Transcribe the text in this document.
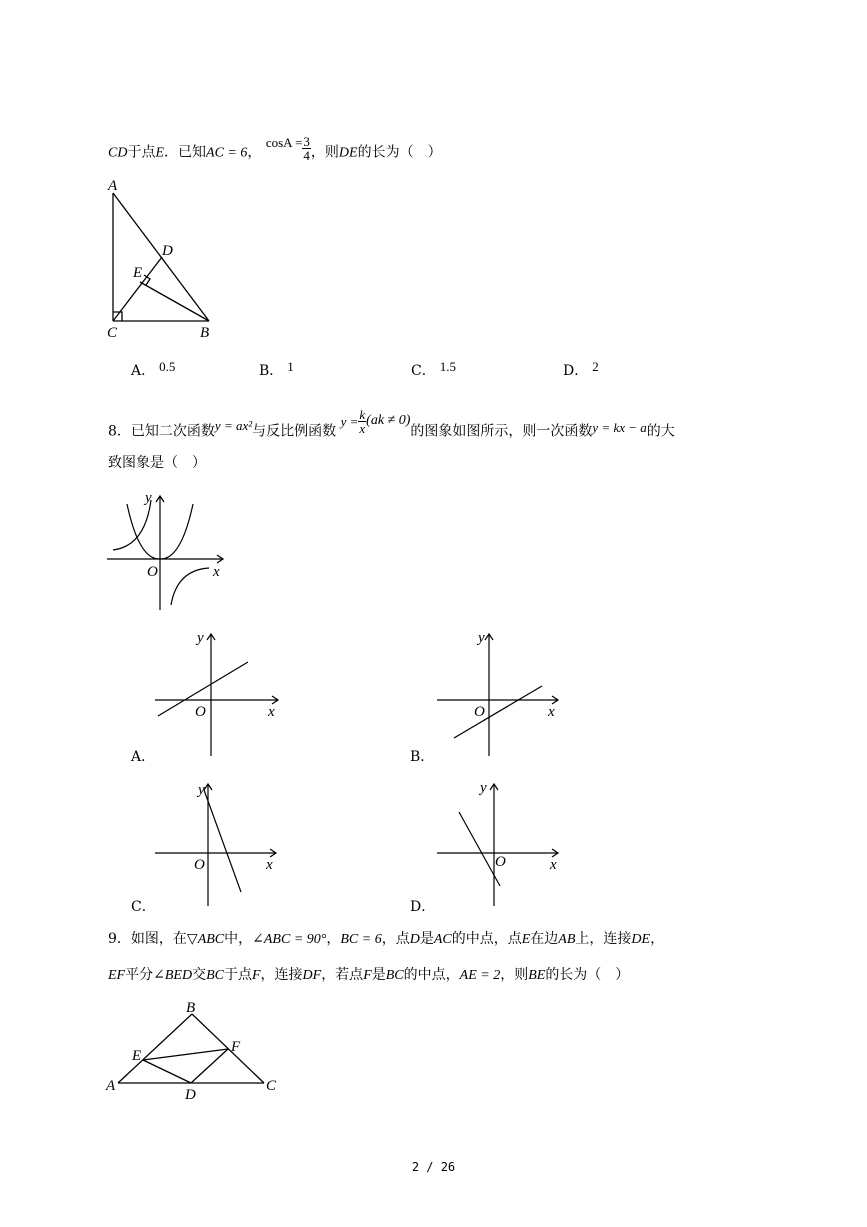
CD于点E．已知AC = 6， $\cos A = \frac{3}{4}$ ，则DE的长为（　）
A
D
E
C	B
A． 0.5	B． 1	C． 1.5	D． 2
8．已知二次函数y = ax²与反比例函数 $y = \frac{k}{x} (ak \ne 0)$的图象如图所示，则一次函数y = kx − a的大
致图象是（　）
y
O	x
y
O	x
A．
y
O	x
B．
y
O	x
C．
y
O	x
D．
9．如图，在▽ABC中，∠ABC = 90°，BC = 6，点D是AC的中点，点E在边AB上，连接DE，
EF平分∠BED交BC于点F，连接DF，若点F是BC的中点，AE = 2，则BE的长为（　）
B
E
F
A
D
C
2 / 26
